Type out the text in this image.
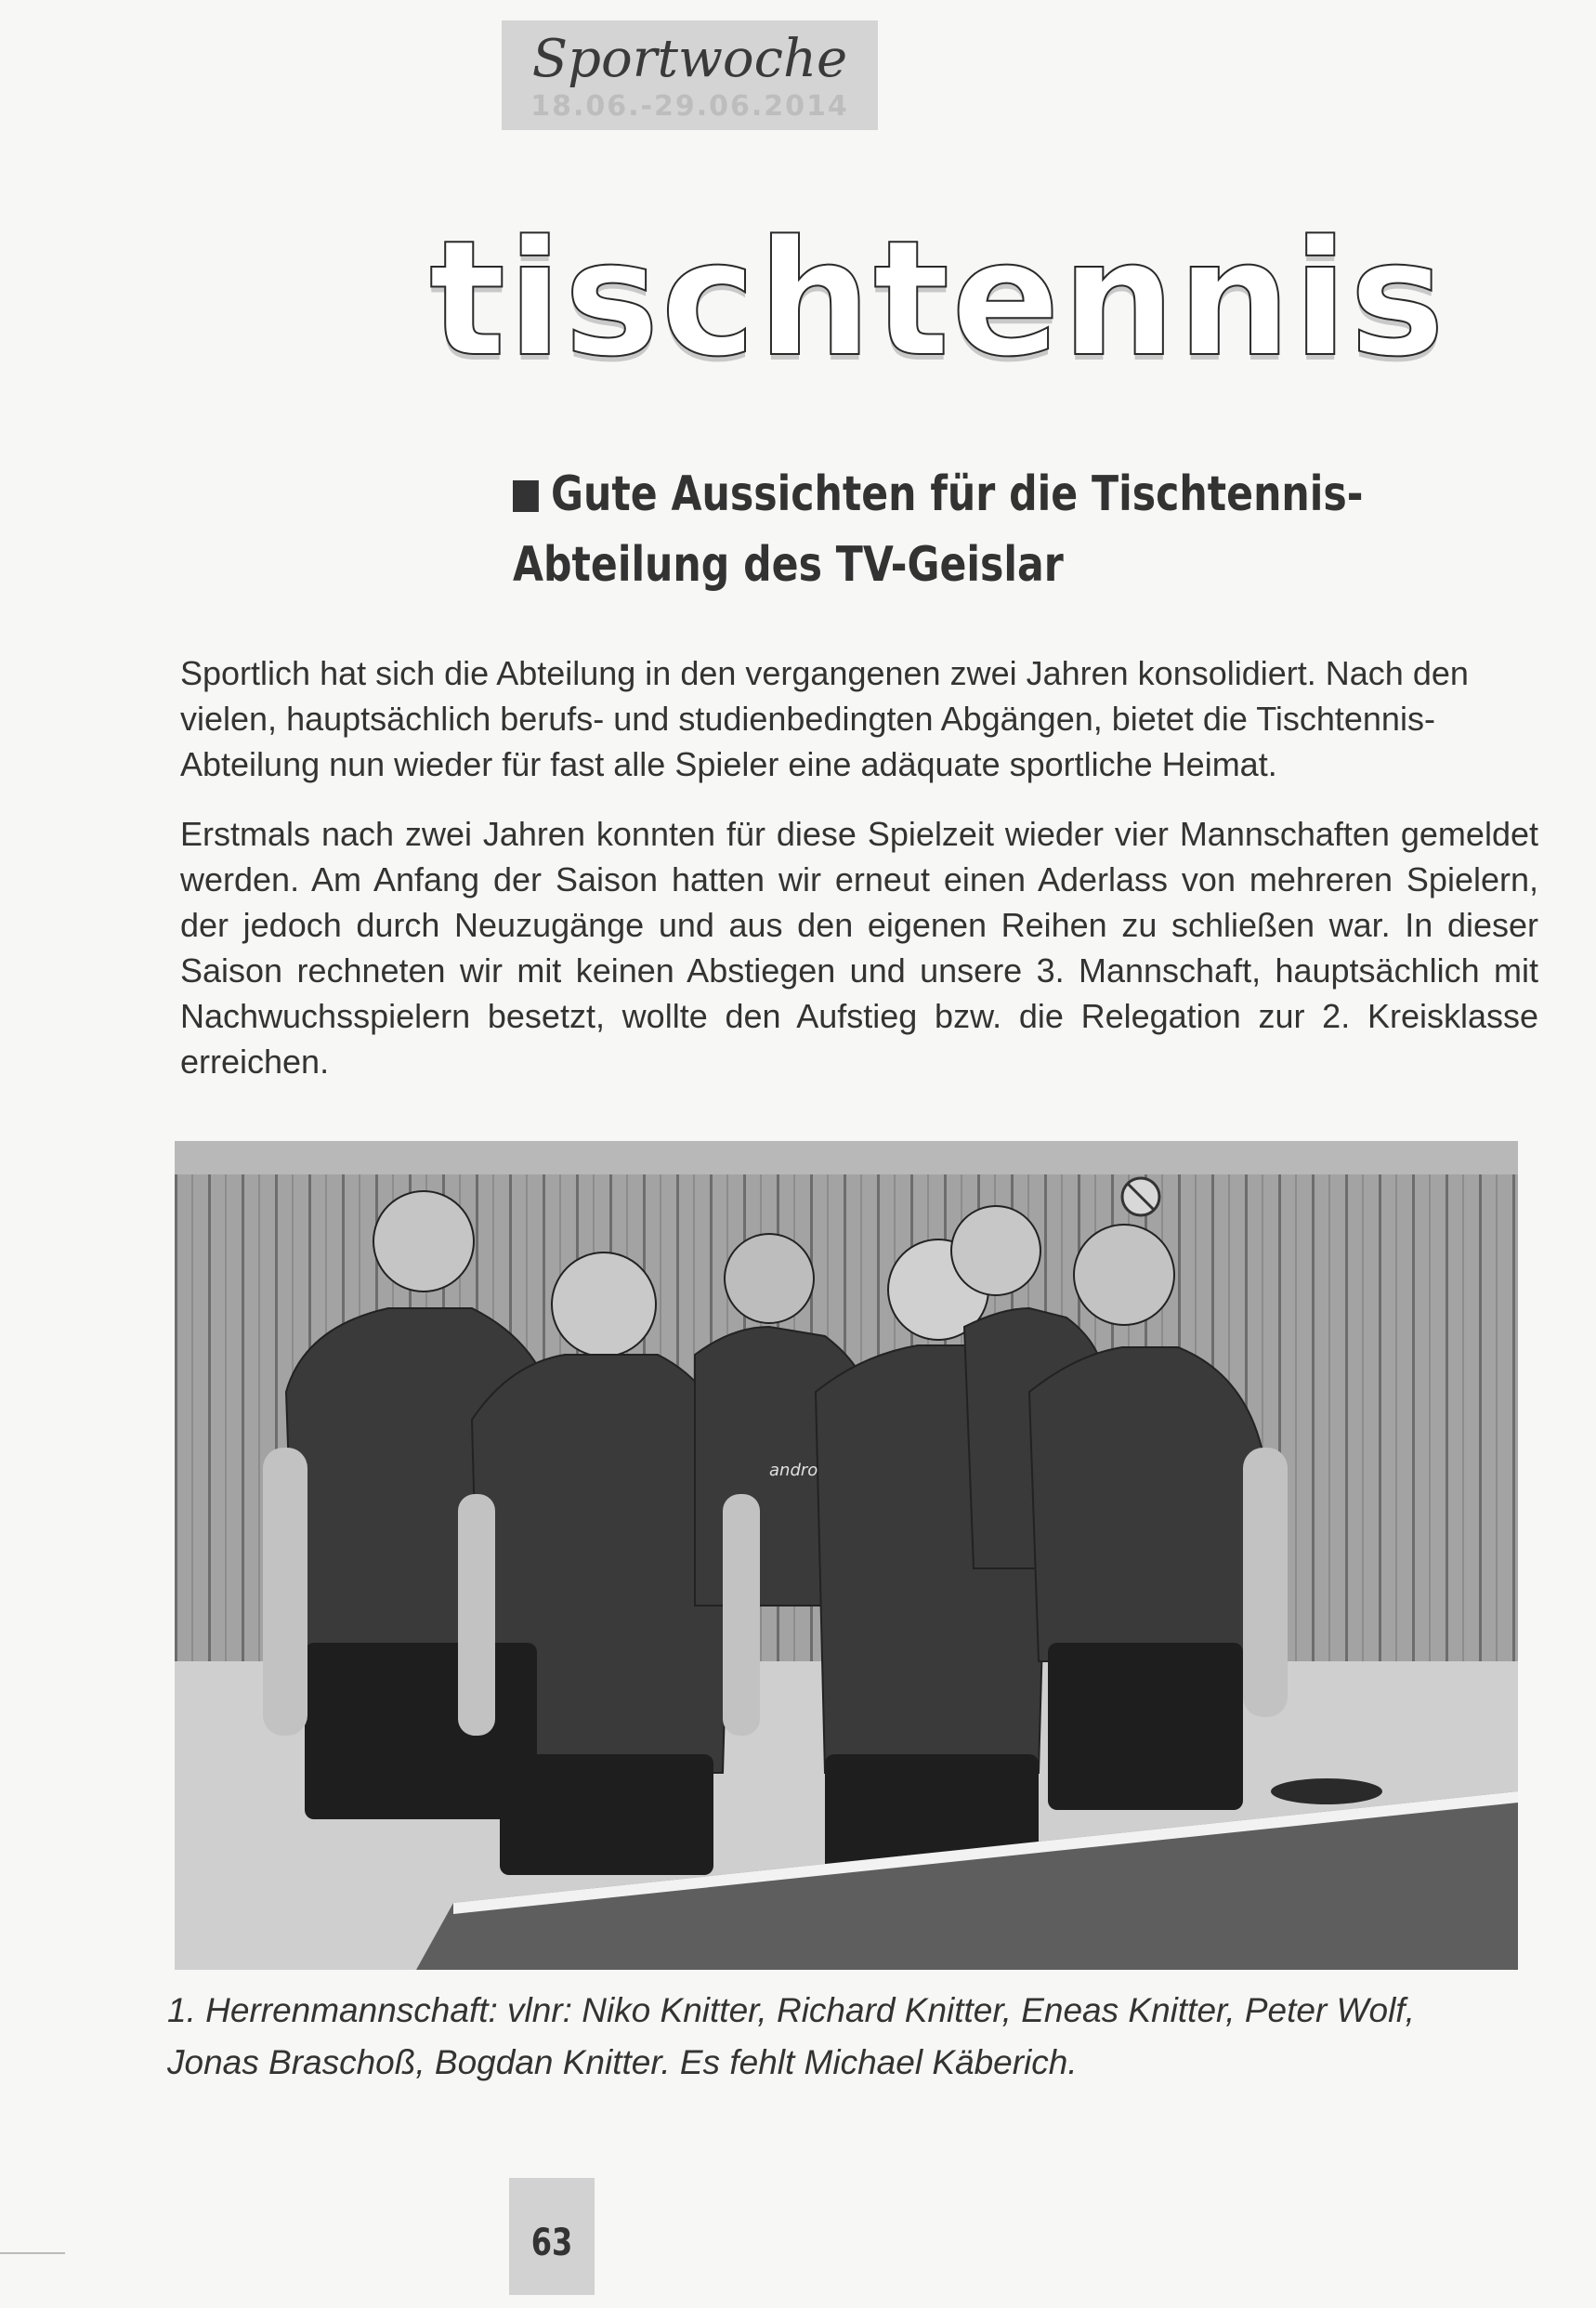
Sportwoche
18.06.-29.06.2014
tischtennis
Gute Aussichten für die Tischtennis-
Abteilung des TV-Geislar

Sportlich hat sich die Abteilung in den vergangenen zwei Jahren konsolidiert. Nach den vielen, hauptsächlich berufs- und studienbedingten Abgängen, bietet die Tischtennis-Abteilung nun wieder für fast alle Spieler eine adäquate sportliche Heimat.

Erstmals nach zwei Jahren konnten für diese Spielzeit wieder vier Mannschaften gemeldet werden. Am Anfang der Saison hatten wir erneut einen Aderlass von mehreren Spielern, der jedoch durch Neuzugänge und aus den eigenen Reihen zu schließen war. In dieser Saison rechneten wir mit keinen Abstiegen und unsere 3. Mannschaft, hauptsächlich mit Nachwuchsspielern besetzt, wollte den Aufstieg bzw. die Relegation zur 2. Kreisklasse erreichen.

andro
1. Herrenmannschaft: vlnr: Niko Knitter, Richard Knitter, Eneas Knitter, Peter Wolf,
Jonas Braschoß, Bogdan Knitter. Es fehlt Michael Käberich.
63
